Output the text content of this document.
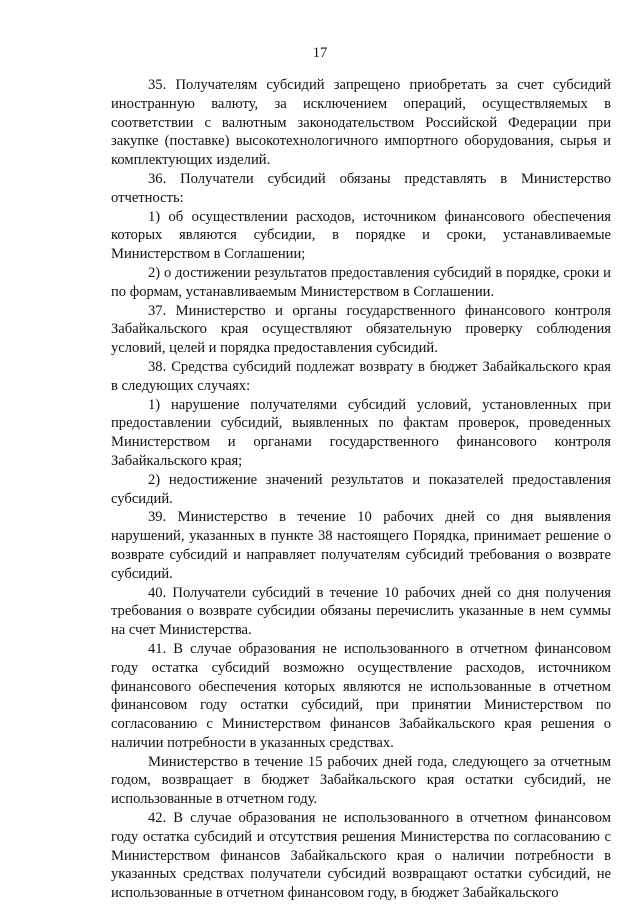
17

35. Получателям субсидий запрещено приобретать за счет субсидий иностранную валюту, за исключением операций, осуществляемых в соответствии с валютным законодательством Российской Федерации при закупке (поставке) высокотехнологичного импортного оборудования, сырья и комплектующих изделий.

36. Получатели субсидий обязаны представлять в Министерство отчетность:

1) об осуществлении расходов, источником финансового обеспечения которых являются субсидии, в порядке и сроки, устанавливаемые Министерством в Соглашении;

2) о достижении результатов предоставления субсидий в порядке, сроки и по формам, устанавливаемым Министерством в Соглашении.

37. Министерство и органы государственного финансового контроля Забайкальского края осуществляют обязательную проверку соблюдения условий, целей и порядка предоставления субсидий.

38. Средства субсидий подлежат возврату в бюджет Забайкальского края в следующих случаях:

1) нарушение получателями субсидий условий, установленных при предоставлении субсидий, выявленных по фактам проверок, проведенных Министерством и органами государственного финансового контроля Забайкальского края;

2) недостижение значений результатов и показателей предоставления субсидий.

39. Министерство в течение 10 рабочих дней со дня выявления нарушений, указанных в пункте 38 настоящего Порядка, принимает решение о возврате субсидий и направляет получателям субсидий требования о возврате субсидий.

40. Получатели субсидий в течение 10 рабочих дней со дня получения требования о возврате субсидии обязаны перечислить указанные в нем суммы на счет Министерства.

41. В случае образования не использованного в отчетном финансовом году остатка субсидий возможно осуществление расходов, источником финансового обеспечения которых являются не использованные в отчетном финансовом году остатки субсидий, при принятии Министерством по согласованию с Министерством финансов Забайкальского края решения о наличии потребности в указанных средствах.

Министерство в течение 15 рабочих дней года, следующего за отчетным годом, возвращает в бюджет Забайкальского края остатки субсидий, не использованные в отчетном году.

42. В случае образования не использованного в отчетном финансовом году остатка субсидий и отсутствия решения Министерства по согласованию с Министерством финансов Забайкальского края о наличии потребности в указанных средствах получатели субсидий возвращают остатки субсидий, не использованные в отчетном финансовом году, в бюджет Забайкальского
